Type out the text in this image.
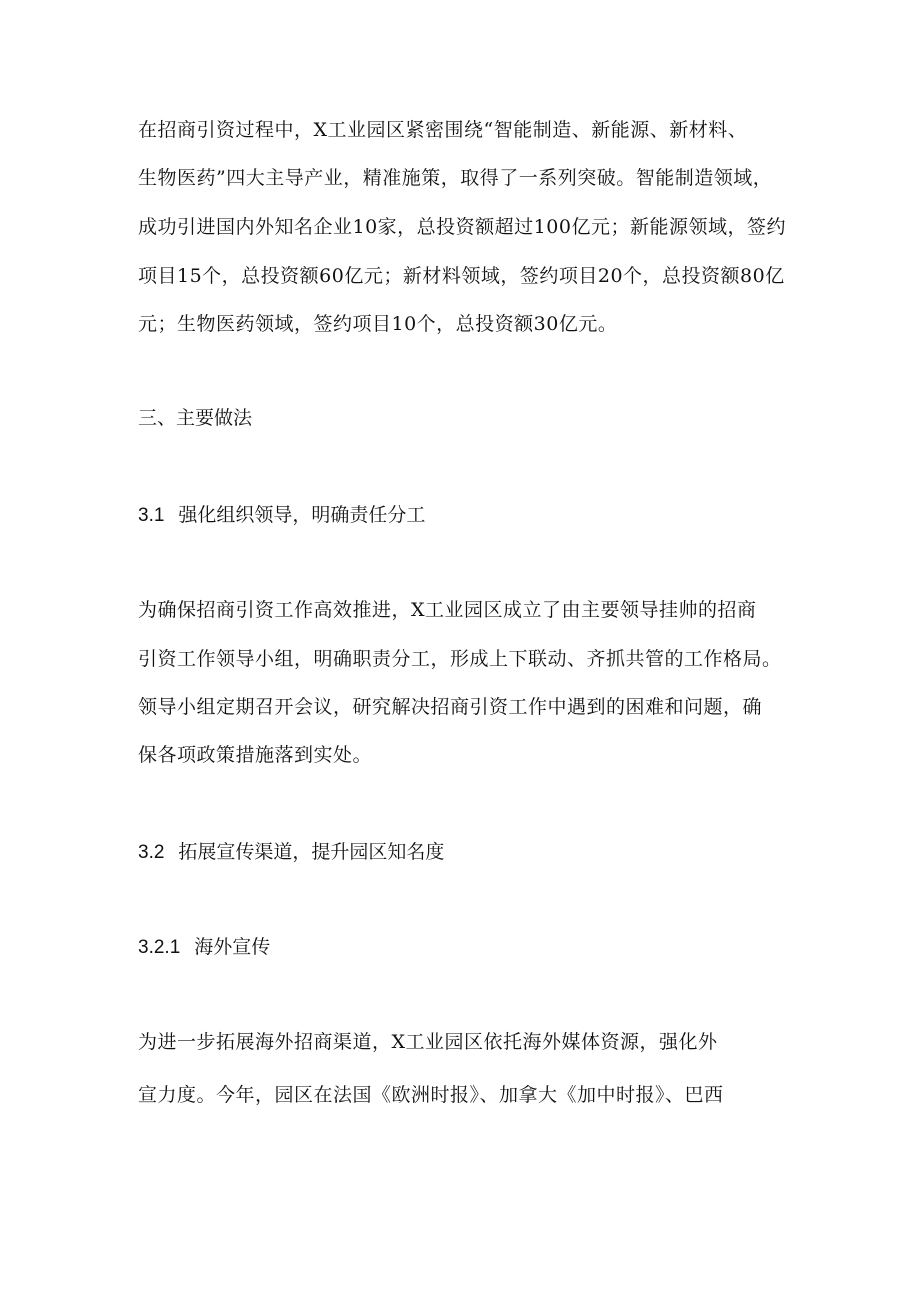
在招商引资过程中，X工业园区紧密围绕“智能制造、新能源、新材料、
生物医药”四大主导产业，精准施策，取得了一系列突破。智能制造领域，
成功引进国内外知名企业10家，总投资额超过100亿元；新能源领域，签约
项目15个，总投资额60亿元；新材料领域，签约项目20个，总投资额80亿
元；生物医药领域，签约项目10个，总投资额30亿元。
三、主要做法
3.1 强化组织领导，明确责任分工
为确保招商引资工作高效推进，X工业园区成立了由主要领导挂帅的招商
引资工作领导小组，明确职责分工，形成上下联动、齐抓共管的工作格局。
领导小组定期召开会议，研究解决招商引资工作中遇到的困难和问题，确
保各项政策措施落到实处。
3.2 拓展宣传渠道，提升园区知名度
3.2.1 海外宣传
为进一步拓展海外招商渠道，X工业园区依托海外媒体资源，强化外
宣力度。今年，园区在法国《欧洲时报》、加拿大《加中时报》、巴西
